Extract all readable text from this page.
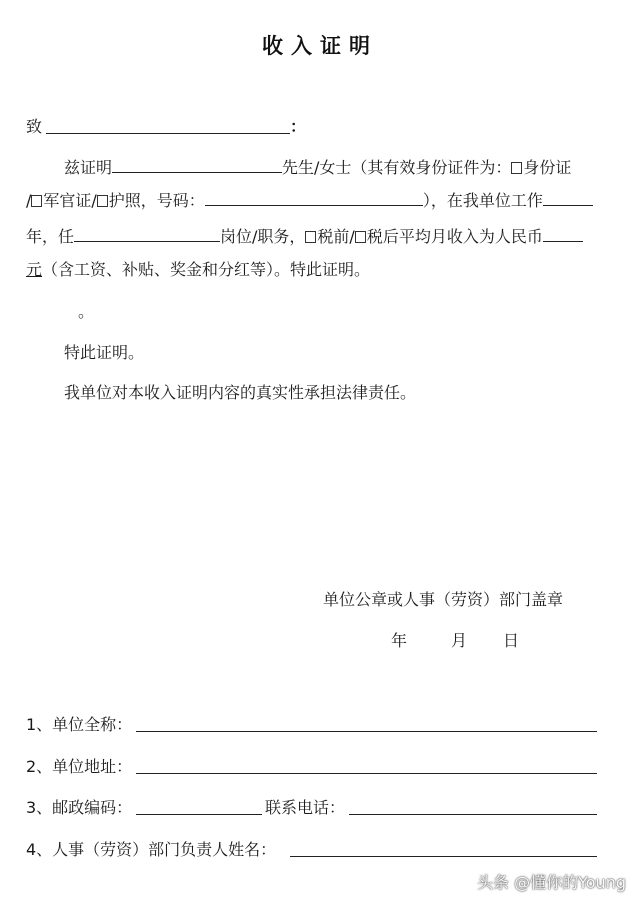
收入证明
致	：
兹证明	先生/女士（其有效身份证件为： 身份证
/ 军官证/ 护照，号码：	），在我单位工作
年，任	岗位/职务， 税前/ 税后平均月收入为人民币
元（含工资、补贴、奖金和分红等）。特此证明。
。
特此证明。
我单位对本收入证明内容的真实性承担法律责任。
单位公章或人事（劳资）部门盖章
年	月 日
1、单位全称：
2、单位地址：
3、邮政编码：	联系电话：
4、人事（劳资）部门负责人姓名：
头条 @懂你的Young
